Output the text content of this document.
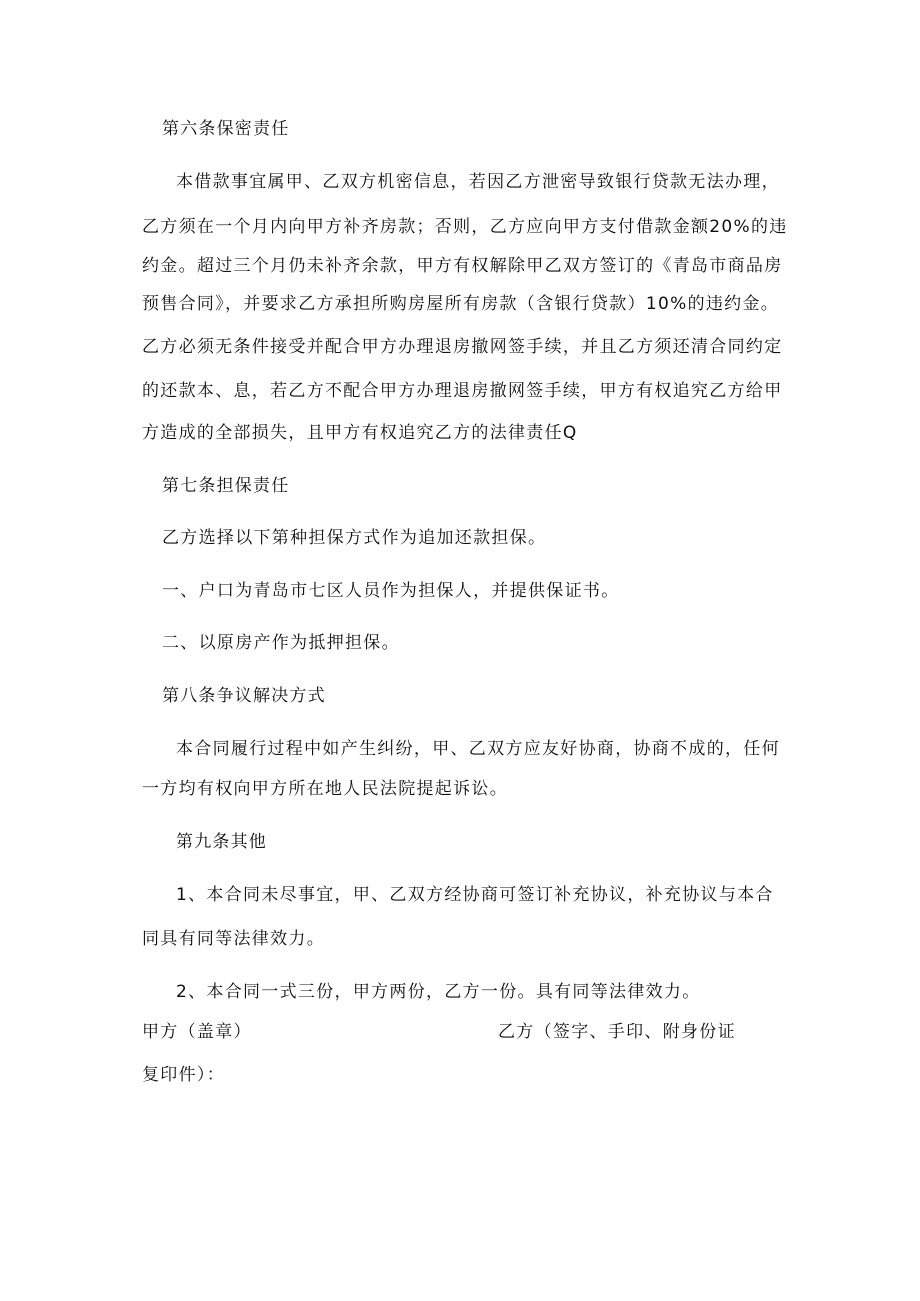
第六条保密责任

本借款事宜属甲、乙双方机密信息，若因乙方泄密导致银行贷款无法办理，

乙方须在一个月内向甲方补齐房款；否则，乙方应向甲方支付借款金额20%的违

约金。超过三个月仍未补齐余款，甲方有权解除甲乙双方签订的《青岛市商品房

预售合同》，并要求乙方承担所购房屋所有房款（含银行贷款）10%的违约金。

乙方必须无条件接受并配合甲方办理退房撤网签手续，并且乙方须还清合同约定

的还款本、息，若乙方不配合甲方办理退房撤网签手续，甲方有权追究乙方给甲

方造成的全部损失，且甲方有权追究乙方的法律责任Q

第七条担保责任

乙方选择以下第种担保方式作为追加还款担保。

一、户口为青岛市七区人员作为担保人，并提供保证书。

二、以原房产作为抵押担保。

第八条争议解决方式

本合同履行过程中如产生纠纷，甲、乙双方应友好协商，协商不成的，任何

一方均有权向甲方所在地人民法院提起诉讼。

第九条其他

1、本合同未尽事宜，甲、乙双方经协商可签订补充协议，补充协议与本合

同具有同等法律效力。

2、本合同一式三份，甲方两份，乙方一份。具有同等法律效力。

甲方（盖章）	乙方（签字、手印、附身份证

复印件）：
